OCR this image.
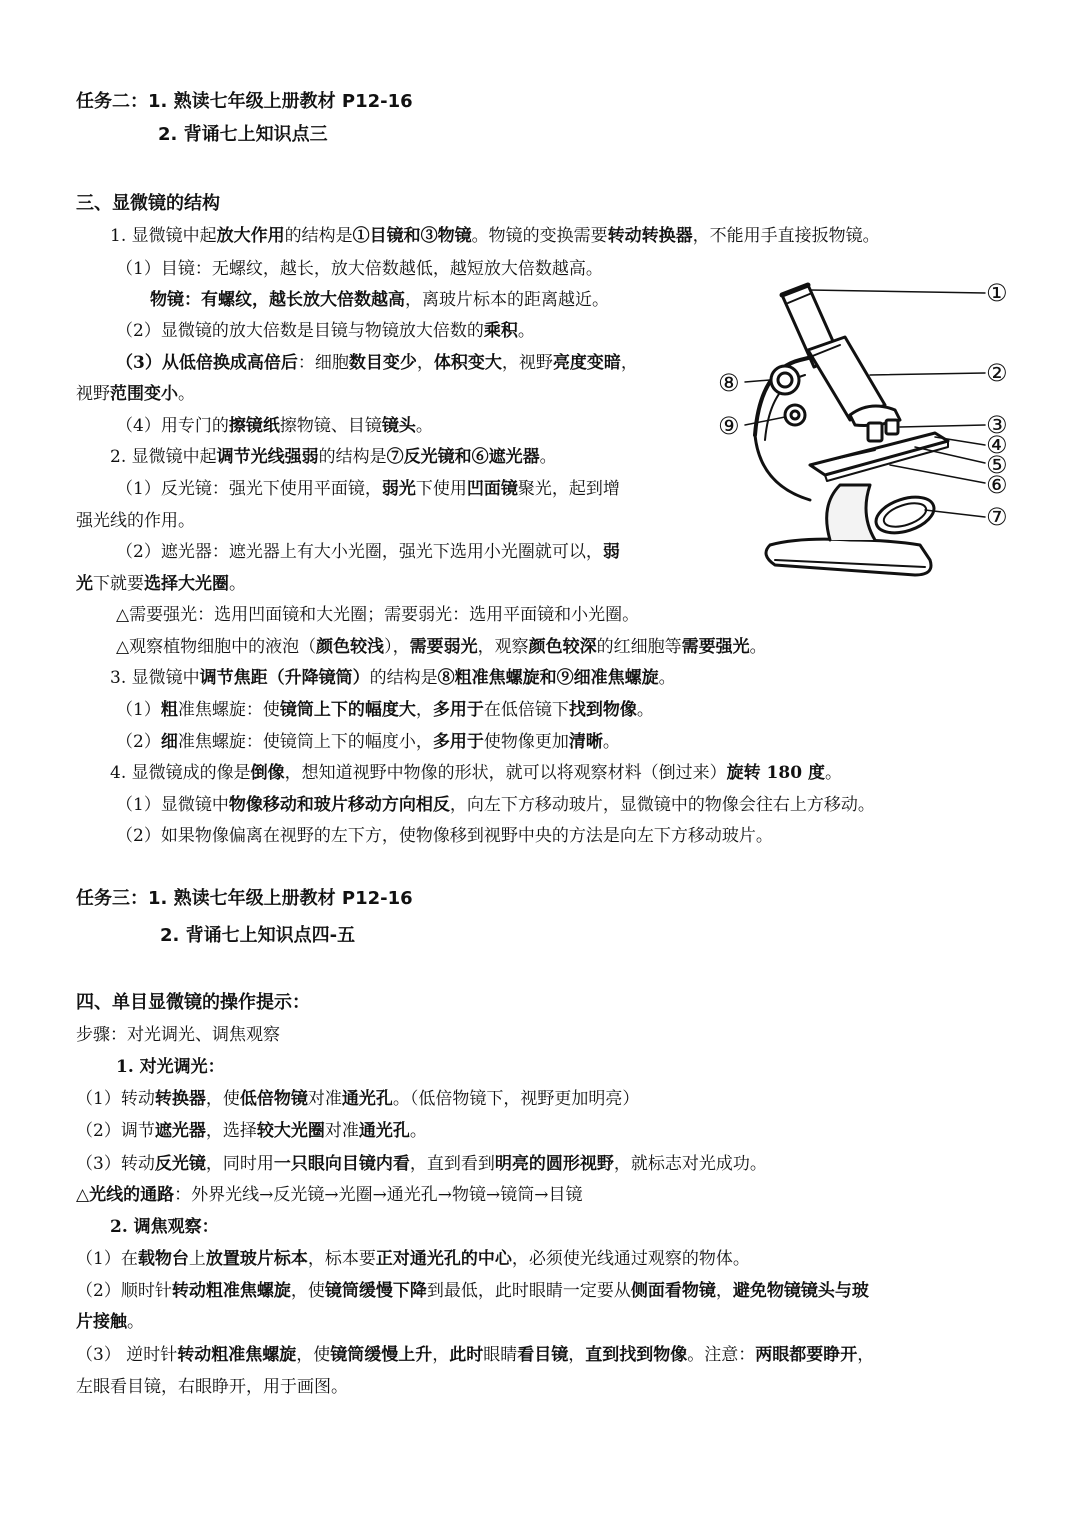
任务二：1. 熟读七年级上册教材 P12-16
2. 背诵七上知识点三
三、显微镜的结构
1. 显微镜中起放大作用的结构是①目镜和③物镜。物镜的变换需要转动转换器，不能用手直接扳物镜。
（1）目镜：无螺纹，越长，放大倍数越低，越短放大倍数越高。
物镜：有螺纹，越长放大倍数越高，离玻片标本的距离越近。
（2）显微镜的放大倍数是目镜与物镜放大倍数的乘积。
（3）从低倍换成高倍后：细胞数目变少，体积变大，视野亮度变暗，
视野范围变小。
（4）用专门的擦镜纸擦物镜、目镜镜头。
2. 显微镜中起调节光线强弱的结构是⑦反光镜和⑥遮光器。
（1）反光镜：强光下使用平面镜，弱光下使用凹面镜聚光，起到增
强光线的作用。
（2）遮光器：遮光器上有大小光圈，强光下选用小光圈就可以，弱
光下就要选择大光圈。
△需要强光：选用凹面镜和大光圈；需要弱光：选用平面镜和小光圈。
△观察植物细胞中的液泡（颜色较浅），需要弱光，观察颜色较深的红细胞等需要强光。
3. 显微镜中调节焦距（升降镜筒）的结构是⑧粗准焦螺旋和⑨细准焦螺旋。
（1）粗准焦螺旋：使镜筒上下的幅度大，多用于在低倍镜下找到物像。
（2）细准焦螺旋：使镜筒上下的幅度小，多用于使物像更加清晰。
4. 显微镜成的像是倒像，想知道视野中物像的形状，就可以将观察材料（倒过来）旋转 180 度。
（1）显微镜中物像移动和玻片移动方向相反，向左下方移动玻片，显微镜中的物像会往右上方移动。
（2）如果物像偏离在视野的左下方，使物像移到视野中央的方法是向左下方移动玻片。
①
②
③
④
⑤
⑥
⑦
⑧
⑨
任务三：1. 熟读七年级上册教材 P12-16
2. 背诵七上知识点四-五
四、单目显微镜的操作提示：
步骤：对光调光、调焦观察
1. 对光调光：
（1）转动转换器，使低倍物镜对准通光孔。（低倍物镜下，视野更加明亮）
（2）调节遮光器，选择较大光圈对准通光孔。
（3）转动反光镜，同时用一只眼向目镜内看，直到看到明亮的圆形视野，就标志对光成功。
△光线的通路：外界光线→反光镜→光圈→通光孔→物镜→镜筒→目镜
2. 调焦观察：
（1）在载物台上放置玻片标本，标本要正对通光孔的中心，必须使光线通过观察的物体。
（2）顺时针转动粗准焦螺旋，使镜筒缓慢下降到最低，此时眼睛一定要从侧面看物镜，避免物镜镜头与玻
片接触。
（3） 逆时针转动粗准焦螺旋，使镜筒缓慢上升，此时眼睛看目镜，直到找到物像。注意：两眼都要睁开，
左眼看目镜，右眼睁开，用于画图。
